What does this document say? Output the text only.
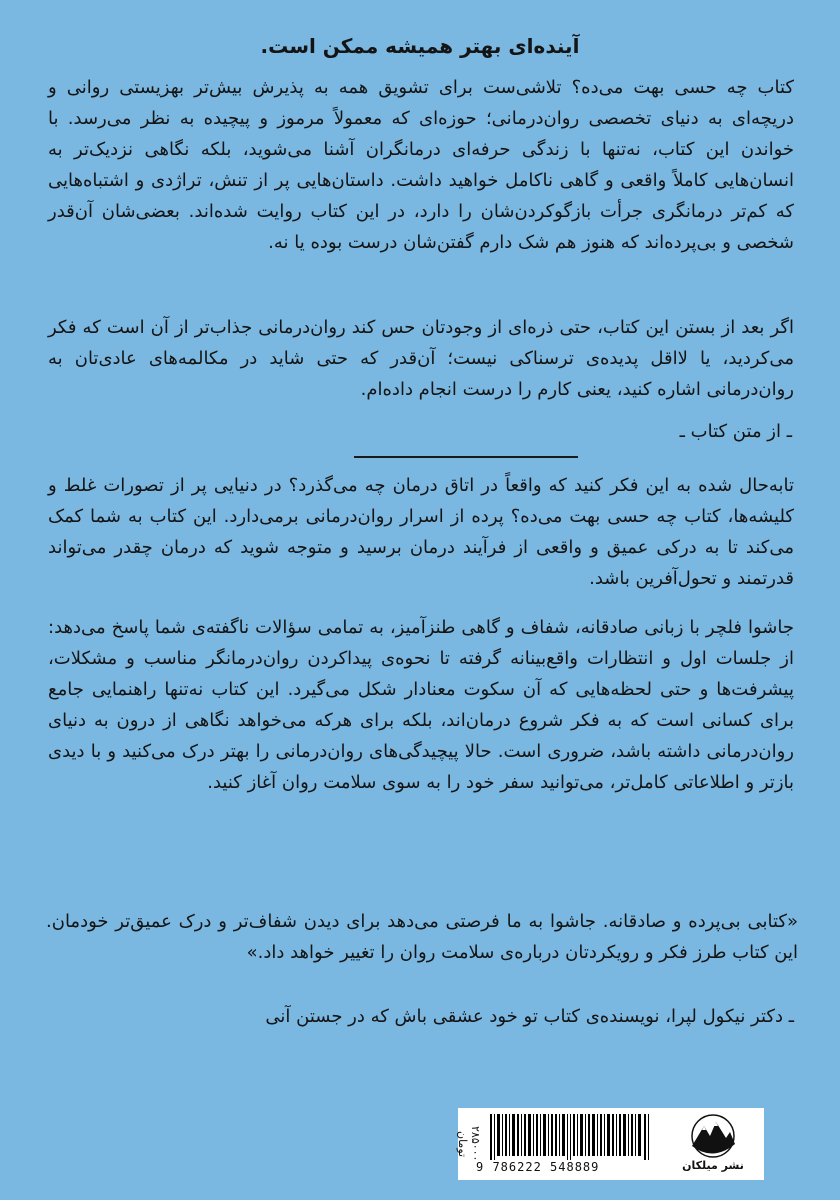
آینده‌ای بهتر همیشه ممکن است.

کتاب چه حسی بهت می‌ده؟ تلاشی‌ست برای تشویق همه به پذیرش بیش‌تر بهزیستی روانی و دریچه‌ای به دنیای تخصصی روان‌درمانی؛ حوزه‌ای که معمولاً مرموز و پیچیده به نظر می‌رسد. با خواندن این کتاب، نه‌تنها با زندگی حرفه‌ای درمانگران آشنا می‌شوید، بلکه نگاهی نزدیک‌تر به انسان‌هایی کاملاً واقعی و گاهی ناکامل خواهید داشت. داستان‌هایی پر از تنش، تراژدی و اشتباه‌هایی که کم‌تر درمانگری جرأت بازگوکردن‌شان را دارد، در این کتاب روایت شده‌اند. بعضی‌شان آن‌قدر شخصی و بی‌پرده‌اند که هنوز هم شک دارم گفتن‌شان درست بوده یا نه.

اگر بعد از بستن این کتاب، حتی ذره‌ای از وجودتان حس کند روان‌درمانی جذاب‌تر از آن است که فکر می‌کردید، یا لااقل پدیده‌ی ترسناکی نیست؛ آن‌قدر که حتی شاید در مکالمه‌های عادی‌تان به روان‌درمانی اشاره کنید، یعنی کارم را درست انجام داده‌ام.

ـ از متن کتاب ـ

تابه‌حال شده به این فکر کنید که واقعاً در اتاق درمان چه می‌گذرد؟ در دنیایی پر از تصورات غلط و کلیشه‌ها، کتاب چه حسی بهت می‌ده؟ پرده از اسرار روان‌درمانی برمی‌دارد. این کتاب به شما کمک می‌کند تا به درکی عمیق و واقعی از فرآیند درمان برسید و متوجه شوید که درمان چقدر می‌تواند قدرتمند و تحول‌آفرین باشد.

جاشوا فلچر با زبانی صادقانه، شفاف و گاهی طنزآمیز، به تمامی سؤالات ناگفته‌ی شما پاسخ می‌دهد: از جلسات اول و انتظارات واقع‌بینانه گرفته تا نحوه‌ی پیداکردن روان‌درمانگر مناسب و مشکلات، پیشرفت‌ها و حتی لحظه‌هایی که آن سکوت معنادار شکل می‌گیرد. این کتاب نه‌تنها راهنمایی جامع برای کسانی است که به فکر شروع درمان‌اند، بلکه برای هرکه می‌خواهد نگاهی از درون به دنیای روان‌درمانی داشته باشد، ضروری است. حالا پیچیدگی‌های روان‌درمانی را بهتر درک می‌کنید و با دیدی بازتر و اطلاعاتی کامل‌تر، می‌توانید سفر خود را به سوی سلامت روان آغاز کنید.

«کتابی بی‌پرده و صادقانه. جاشوا به ما فرصتی می‌دهد برای دیدن شفاف‌تر و درک عمیق‌تر خودمان. این کتاب طرز فکر و رویکردتان درباره‌ی سلامت روان را تغییر خواهد داد.»

ـ دکتر نیکول لپرا، نویسنده‌ی کتاب تو خود عشقی باش که در جستن آنی
۲۸۵۰۰۰ تومان
9 786222 548889	نشر میلکان
